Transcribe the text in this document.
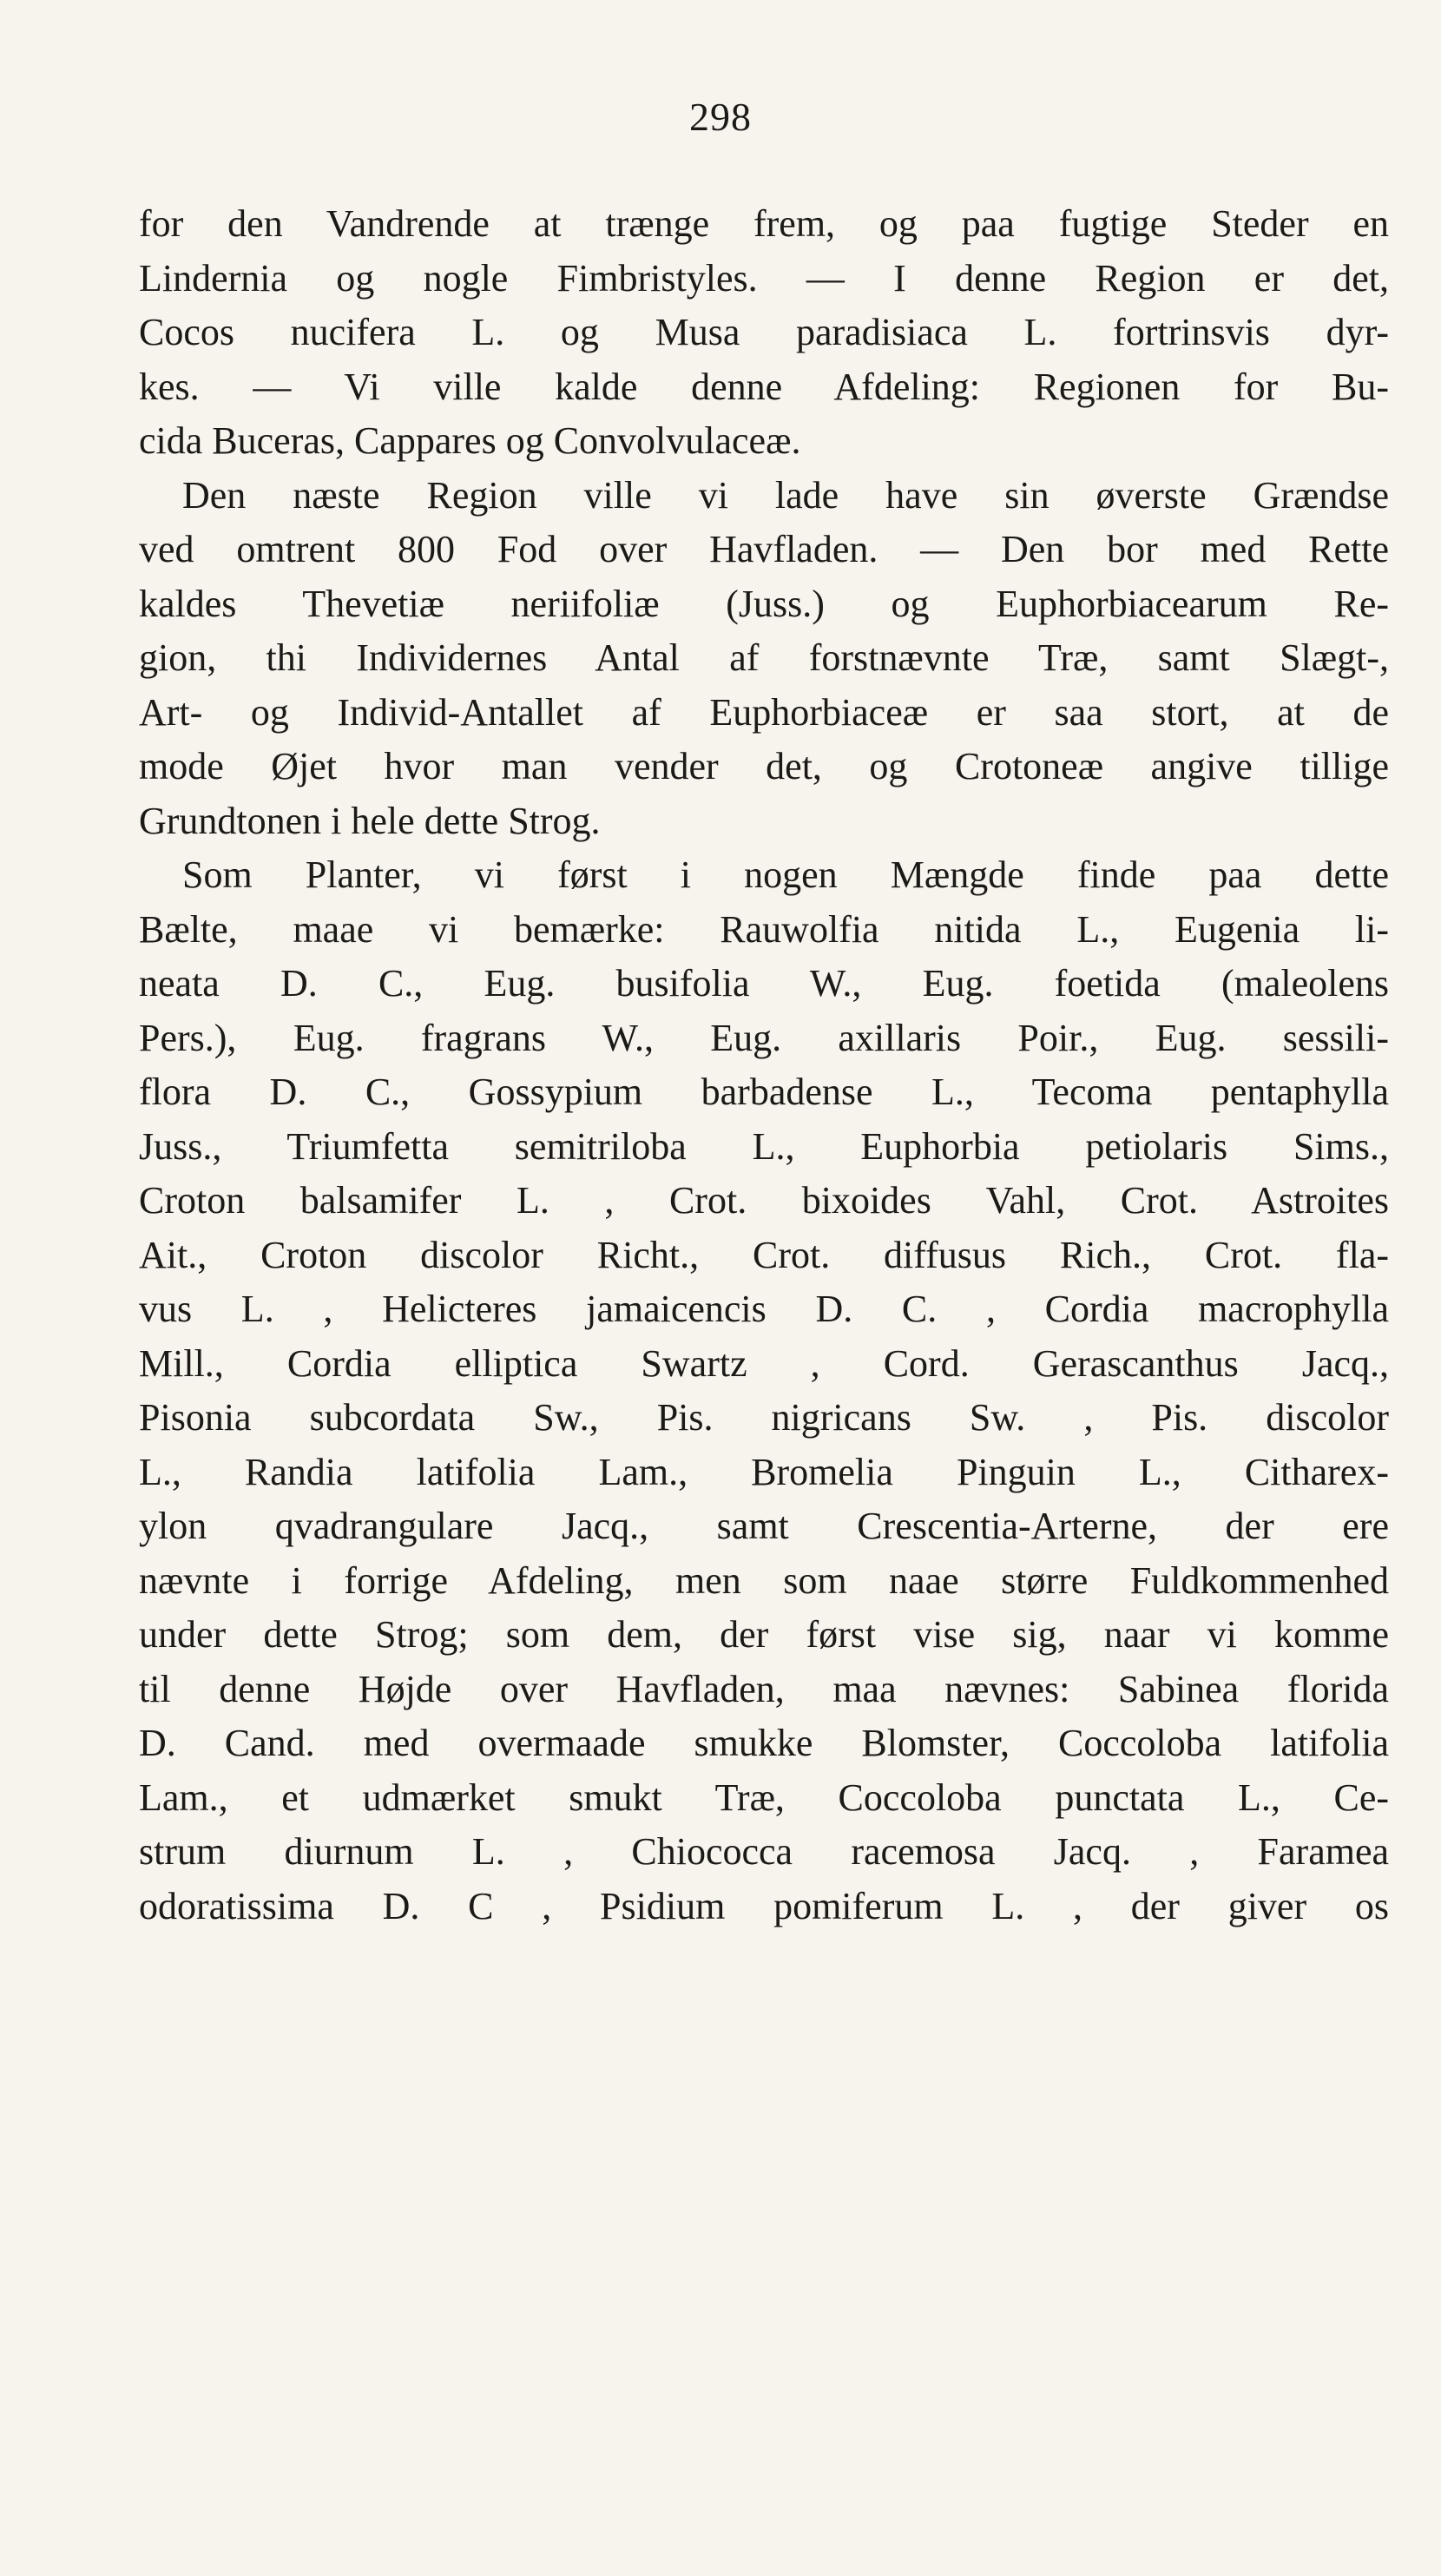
298
for den Vandrende at trænge frem, og paa fugtige Steder en
Lindernia og nogle Fimbristyles. — I denne Region er det,
Cocos nucifera L. og Musa paradisiaca L. fortrinsvis dyr-
kes. — Vi ville kalde denne Afdeling: Regionen for Bu-
cida Buceras, Cappares og Convolvulaceæ.
Den næste Region ville vi lade have sin øverste Grændse
ved omtrent 800 Fod over Havfladen. — Den bor med Rette
kaldes Thevetiæ neriifoliæ (Juss.) og Euphorbiacearum Re-
gion, thi Individernes Antal af forstnævnte Træ, samt Slægt-,
Art- og Individ-Antallet af Euphorbiaceæ er saa stort, at de
mode Øjet hvor man vender det, og Crotoneæ angive tillige
Grundtonen i hele dette Strog.
Som Planter, vi først i nogen Mængde finde paa dette
Bælte, maae vi bemærke: Rauwolfia nitida L., Eugenia li-
neata D. C., Eug. busifolia W., Eug. foetida (maleolens
Pers.), Eug. fragrans W., Eug. axillaris Poir., Eug. sessili-
flora D. C., Gossypium barbadense L., Tecoma pentaphylla
Juss., Triumfetta semitriloba L., Euphorbia petiolaris Sims.,
Croton balsamifer L. , Crot. bixoides Vahl, Crot. Astroites
Ait., Croton discolor Richt., Crot. diffusus Rich., Crot. fla-
vus L. , Helicteres jamaicencis D. C. , Cordia macrophylla
Mill., Cordia elliptica Swartz , Cord. Gerascanthus Jacq.,
Pisonia subcordata Sw., Pis. nigricans Sw. , Pis. discolor
L., Randia latifolia Lam., Bromelia Pinguin L., Citharex-
ylon qvadrangulare Jacq., samt Crescentia-Arterne, der ere
nævnte i forrige Afdeling, men som naae større Fuldkommenhed
under dette Strog; som dem, der først vise sig, naar vi komme
til denne Højde over Havfladen, maa nævnes: Sabinea florida
D. Cand. med overmaade smukke Blomster, Coccoloba latifolia
Lam., et udmærket smukt Træ, Coccoloba punctata L., Ce-
strum diurnum L. , Chiococca racemosa Jacq. , Faramea
odoratissima D. C , Psidium pomiferum L. , der giver os
